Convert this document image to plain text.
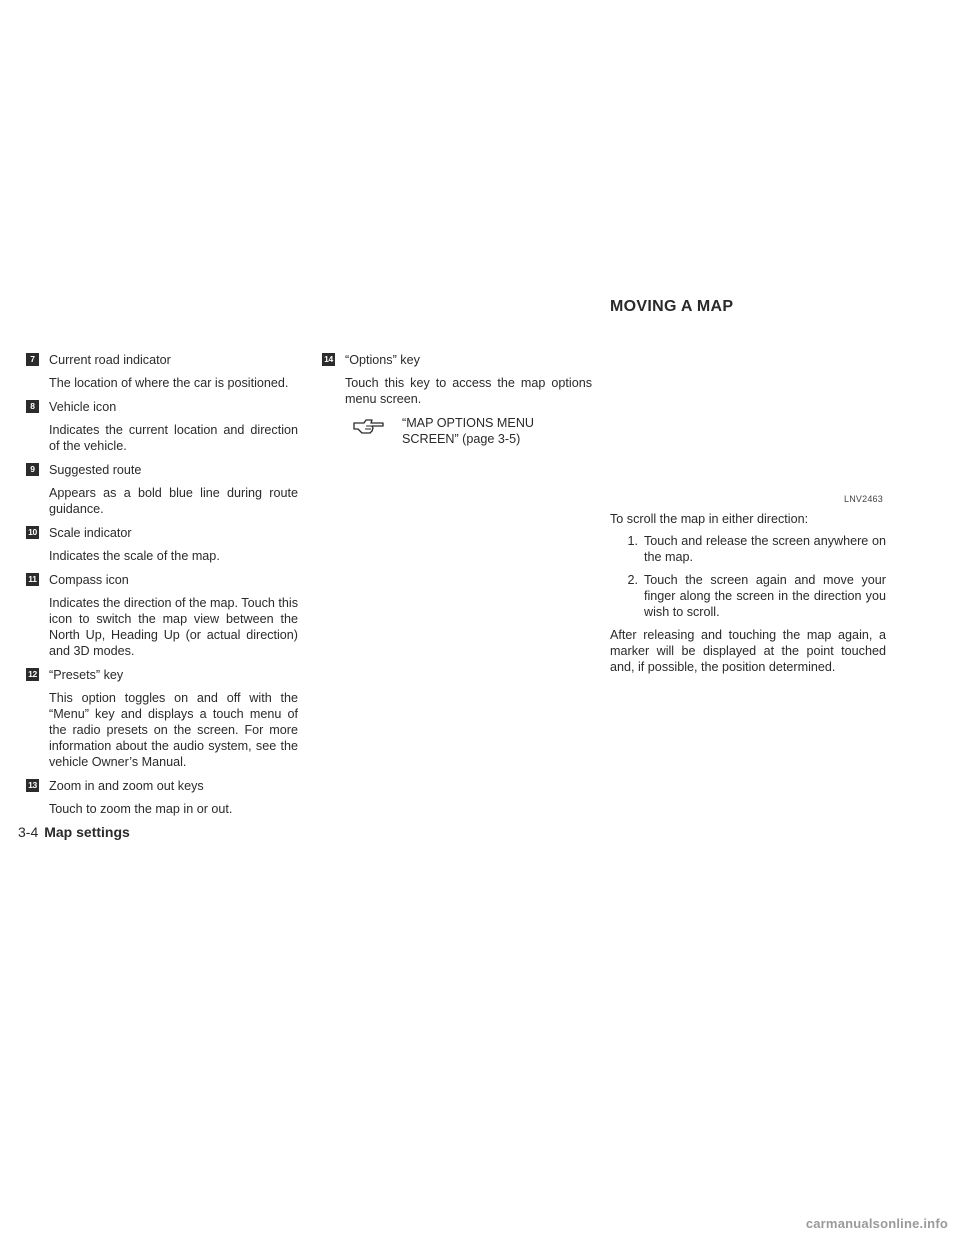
MOVING A MAP
7	Current road indicator
The location of where the car is positioned.
8	Vehicle icon
Indicates the current location and direction of the vehicle.
9	Suggested route
Appears as a bold blue line during route guidance.
10 Scale indicator
Indicates the scale of the map.
11 Compass icon
Indicates the direction of the map. Touch this icon to switch the map view between the North Up, Heading Up (or actual direction) and 3D modes.
12 “Presets” key
This option toggles on and off with the “Menu” key and displays a touch menu of the radio presets on the screen. For more information about the audio system, see the vehicle Owner’s Manual.
13 Zoom in and zoom out keys
Touch to zoom the map in or out.
14 “Options” key
Touch this key to access the map options menu screen.
“MAP OPTIONS MENU SCREEN” (page 3-5)
LNV2463
To scroll the map in either direction:
1. Touch and release the screen anywhere on the map.
2. Touch the screen again and move your finger along the screen in the direction you wish to scroll.
After releasing and touching the map again, a marker will be displayed at the point touched and, if possible, the position determined.
3-4 Map settings
carmanualsonline.info
